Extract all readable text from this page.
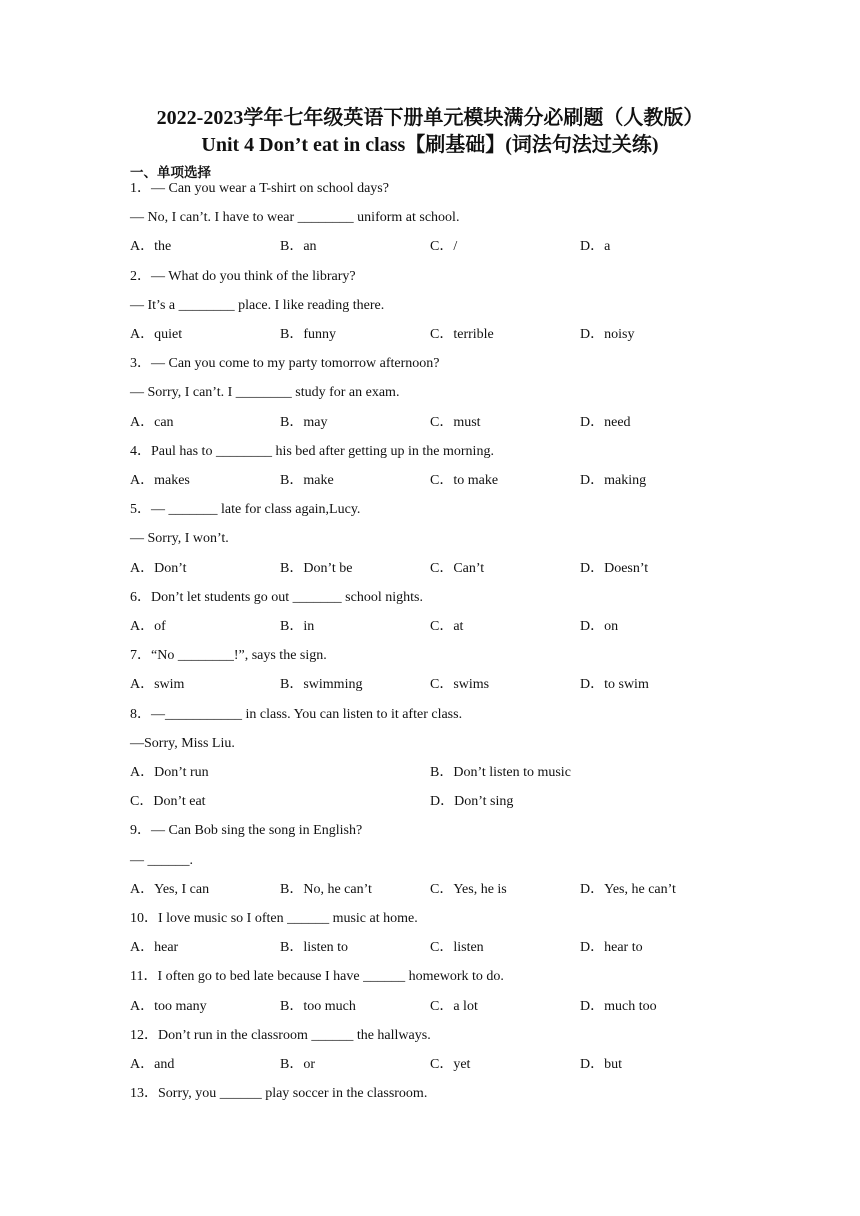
2022-2023学年七年级英语下册单元模块满分必刷题（人教版）
Unit 4 Don’t eat in class【刷基础】(词法句法过关练)
一、单项选择
1．— Can you wear a T-shirt on school days?
— No, I can’t. I have to wear ________ uniform at school.
A．the	B．an	C．/	D．a
2．— What do you think of the library?
— It’s a ________ place. I like reading there.
A．quiet	B．funny	C．terrible	D．noisy
3．— Can you come to my party tomorrow afternoon?
— Sorry, I can’t. I ________ study for an exam.
A．can	B．may	C．must	D．need
4．Paul has to ________ his bed after getting up in the morning.
A．makes	B．make	C．to make	D．making
5．— _______ late for class again,Lucy.
— Sorry, I won’t.
A．Don’t	B．Don’t be	C．Can’t	D．Doesn’t
6．Don’t let students go out _______ school nights.
A．of	B．in	C．at	D．on
7．“No ________!”, says the sign.
A．swim	B．swimming	C．swims	D．to swim
8．—___________ in class. You can listen to it after class.
—Sorry, Miss Liu.
A．Don’t run	B．Don’t listen to music
C．Don’t eat	D．Don’t sing
9．— Can Bob sing the song in English?
— ______.
A．Yes, I can	B．No, he can’t	C．Yes, he is	D．Yes, he can’t
10．I love music so I often ______ music at home.
A．hear	B．listen to	C．listen	D．hear to
11．I often go to bed late because I have ______ homework to do.
A．too many	B．too much	C．a lot	D．much too
12．Don’t run in the classroom ______ the hallways.
A．and	B．or	C．yet	D．but
13．Sorry, you ______ play soccer in the classroom.
